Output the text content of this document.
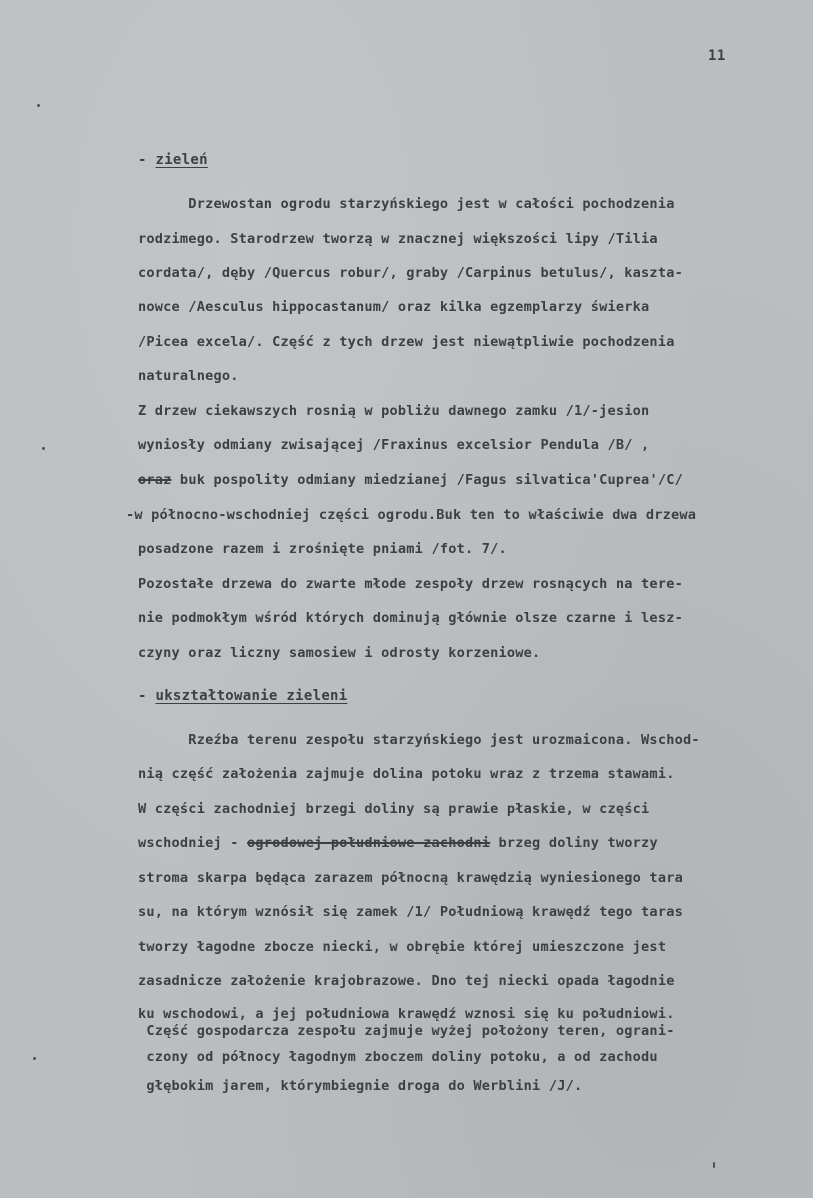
11
- zieleń
Drzewostan ogrodu starzyńskiego jest w całości pochodzenia
rodzimego. Starodrzew tworzą w znacznej większości lipy /Tilia
cordata/, dęby /Quercus robur/, graby /Carpinus betulus/, kaszta-
nowce /Aesculus hippocastanum/ oraz kilka egzemplarzy świerka
/Picea excela/. Część z tych drzew jest niewątpliwie pochodzenia
naturalnego.
Z drzew ciekawszych rosnią w pobliżu dawnego zamku /1/-jesion
wyniosły odmiany zwisającej /Fraxinus excelsior Pendula /B/ ,
oraz buk pospolity odmiany miedzianej /Fagus silvatica'Cuprea'/C/
-w północno-wschodniej części ogrodu.Buk ten to właściwie dwa drzewa
posadzone razem i zrośnięte pniami /fot. 7/.
Pozostałe drzewa do zwarte młode zespoły drzew rosnących na tere-
nie podmokłym wśród których dominują głównie olsze czarne i lesz-
czyny oraz liczny samosiew i odrosty korzeniowe.
- ukształtowanie zieleni
Rzeźba terenu zespołu starzyńskiego jest urozmaicona. Wschod-
nią część założenia zajmuje dolina potoku wraz z trzema stawami.
W części zachodniej brzegi doliny są prawie płaskie, w części
wschodniej - ogrodowej południowe zachodni brzeg doliny tworzy
stroma skarpa będąca zarazem północną krawędzią wyniesionego tara
su, na którym wznósił się zamek /1/ Południową krawędź tego taras
tworzy łagodne zbocze niecki, w obrębie której umieszczone jest
zasadnicze założenie krajobrazowe. Dno tej niecki opada łagodnie
ku wschodowi, a jej południowa krawędź wznosi się ku południowi.
Część gospodarcza zespołu zajmuje wyżej położony teren, ograni-
czony od północy łagodnym zboczem doliny potoku, a od zachodu
głębokim jarem, którymbiegnie droga do Werblini /J/.
